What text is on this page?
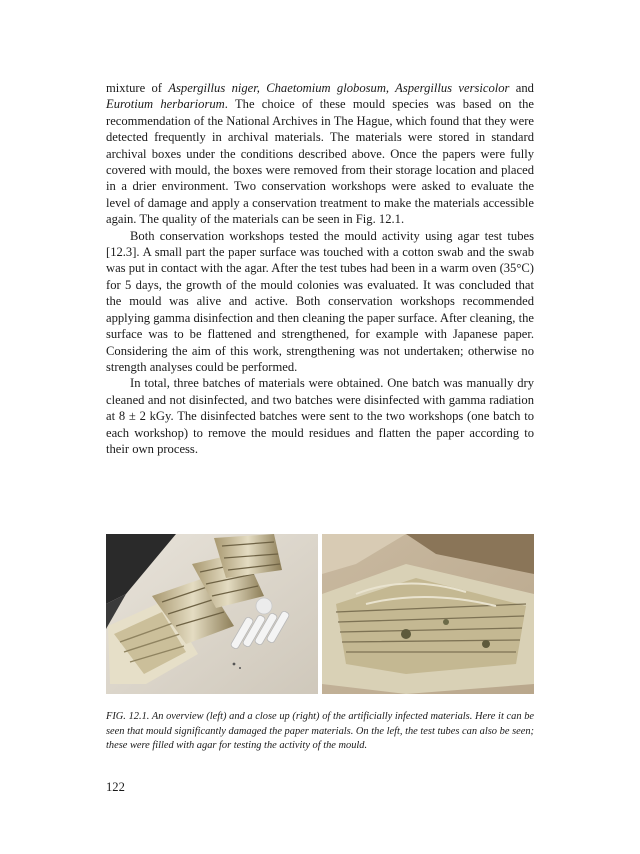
mixture of Aspergillus niger, Chaetomium globosum, Aspergillus versicolor and Eurotium herbariorum. The choice of these mould species was based on the recommendation of the National Archives in The Hague, which found that they were detected frequently in archival materials. The materials were stored in standard archival boxes under the conditions described above. Once the papers were fully covered with mould, the boxes were removed from their storage location and placed in a drier environment. Two conservation workshops were asked to evaluate the level of damage and apply a conservation treatment to make the materials accessible again. The quality of the materials can be seen in Fig. 12.1.

Both conservation workshops tested the mould activity using agar test tubes [12.3]. A small part the paper surface was touched with a cotton swab and the swab was put in contact with the agar. After the test tubes had been in a warm oven (35°C) for 5 days, the growth of the mould colonies was evaluated. It was concluded that the mould was alive and active. Both conservation workshops recommended applying gamma disinfection and then cleaning the paper surface. After cleaning, the surface was to be flattened and strengthened, for example with Japanese paper. Considering the aim of this work, strengthening was not undertaken; otherwise no strength analyses could be performed.

In total, three batches of materials were obtained. One batch was manually dry cleaned and not disinfected, and two batches were disinfected with gamma radiation at 8 ± 2 kGy. The disinfected batches were sent to the two workshops (one batch to each workshop) to remove the mould residues and flatten the paper according to their own process.

FIG. 12.1. An overview (left) and a close up (right) of the artificially infected materials. Here it can be seen that mould significantly damaged the paper materials. On the left, the test tubes can also be seen; these were filled with agar for testing the activity of the mould.
122
